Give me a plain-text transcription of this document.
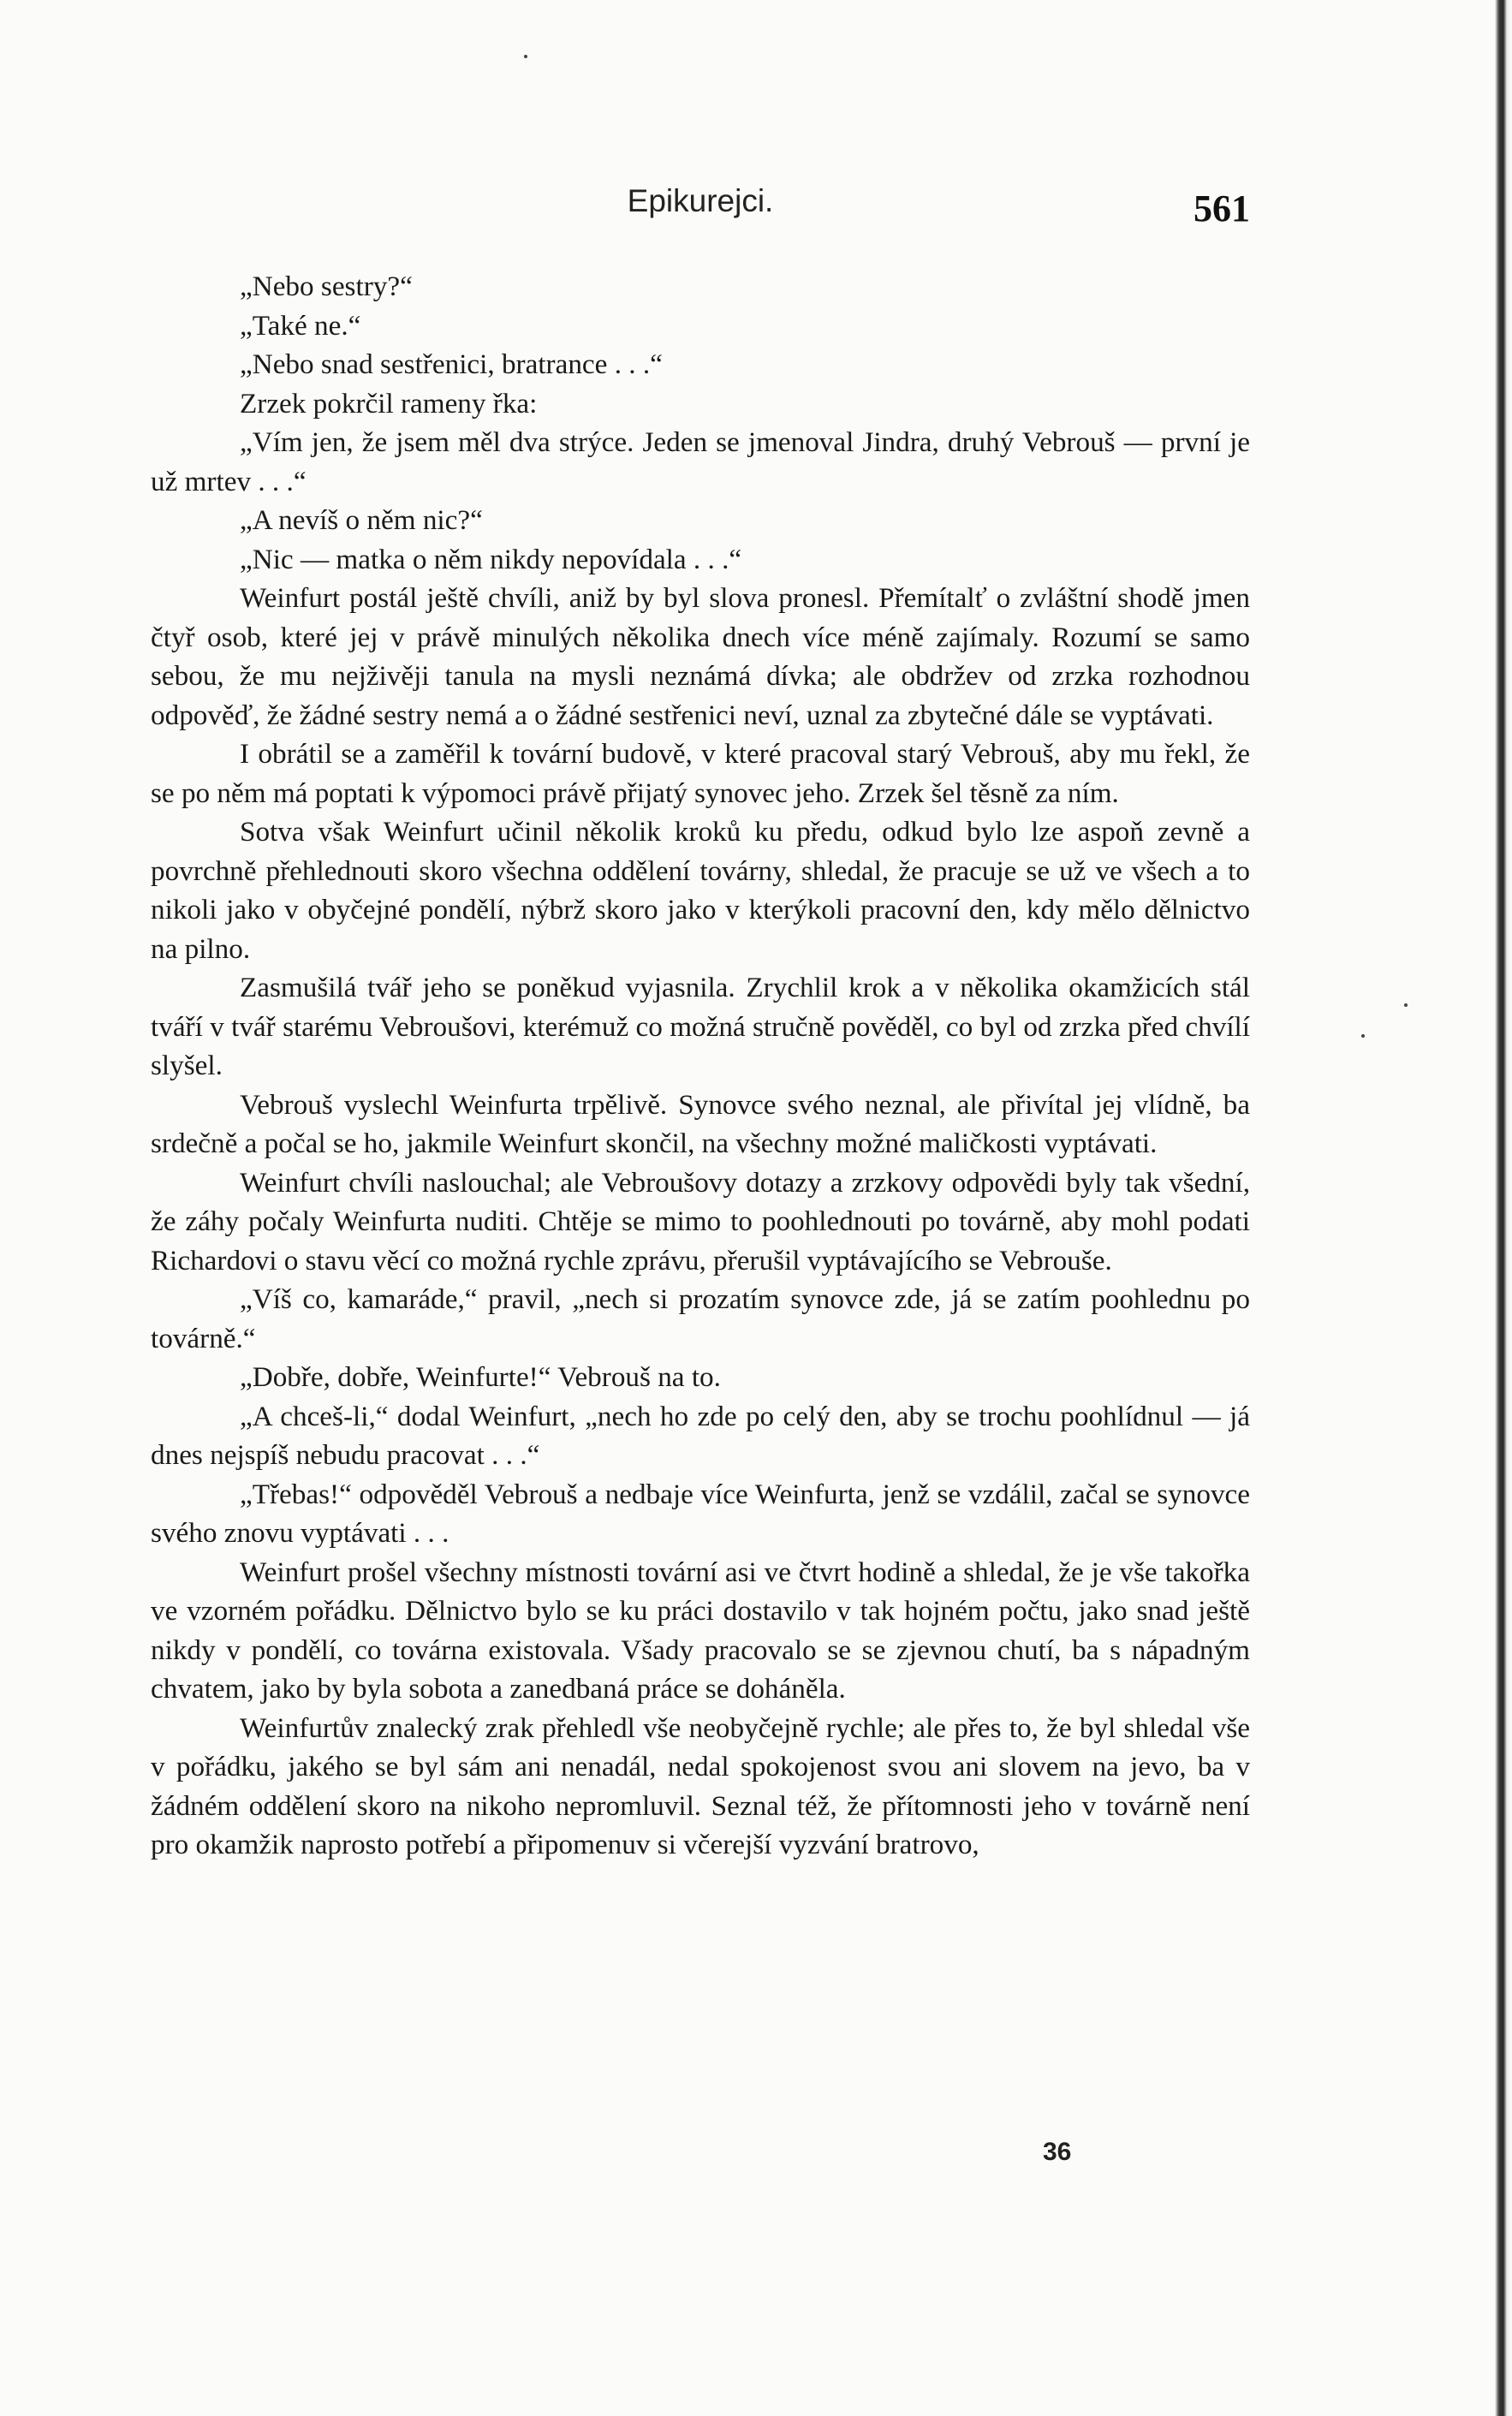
Epikurejci.	561

„Nebo sestry?“

„Také ne.“

„Nebo snad sestřenici, bratrance . . .“

Zrzek pokrčil rameny řka:

„Vím jen, že jsem měl dva strýce. Jeden se jmenoval Jindra, druhý Vebrouš — první je už mrtev . . .“

„A nevíš o něm nic?“

„Nic — matka o něm nikdy nepovídala . . .“

Weinfurt postál ještě chvíli, aniž by byl slova pronesl. Přemítalť o zvláštní shodě jmen čtyř osob, které jej v právě minulých několika dnech více méně zajímaly. Rozumí se samo sebou, že mu nejživěji tanula na mysli neznámá dívka; ale obdržev od zrzka rozhodnou odpověď, že žádné sestry nemá a o žádné sestřenici neví, uznal za zbytečné dále se vyptávati.

I obrátil se a zaměřil k tovární budově, v které pracoval starý Vebrouš, aby mu řekl, že se po něm má poptati k výpomoci právě přijatý synovec jeho. Zrzek šel těsně za ním.

Sotva však Weinfurt učinil několik kroků ku předu, odkud bylo lze aspoň zevně a povrchně přehlednouti skoro všechna oddělení továrny, shledal, že pracuje se už ve všech a to nikoli jako v obyčejné pondělí, nýbrž skoro jako v kterýkoli pracovní den, kdy mělo dělnictvo na pilno.

Zasmušilá tvář jeho se poněkud vyjasnila. Zrychlil krok a v několika okamžicích stál tváří v tvář starému Vebroušovi, kterémuž co možná stručně pověděl, co byl od zrzka před chvílí slyšel.

Vebrouš vyslechl Weinfurta trpělivě. Synovce svého neznal, ale přivítal jej vlídně, ba srdečně a počal se ho, jakmile Weinfurt skončil, na všechny možné maličkosti vyptávati.

Weinfurt chvíli naslouchal; ale Vebroušovy dotazy a zrzkovy odpovědi byly tak všední, že záhy počaly Weinfurta nuditi. Chtěje se mimo to poohlednouti po továrně, aby mohl podati Richardovi o stavu věcí co možná rychle zprávu, přerušil vyptávajícího se Vebrouše.

„Víš co, kamaráde,“ pravil, „nech si prozatím synovce zde, já se zatím poohlednu po továrně.“

„Dobře, dobře, Weinfurte!“ Vebrouš na to.

„A chceš-li,“ dodal Weinfurt, „nech ho zde po celý den, aby se trochu poohlídnul — já dnes nejspíš nebudu pracovat . . .“

„Třebas!“ odpověděl Vebrouš a nedbaje více Weinfurta, jenž se vzdálil, začal se synovce svého znovu vyptávati . . .

Weinfurt prošel všechny místnosti tovární asi ve čtvrt hodině a shledal, že je vše takořka ve vzorném pořádku. Dělnictvo bylo se ku práci dostavilo v tak hojném počtu, jako snad ještě nikdy v pondělí, co továrna existovala. Všady pracovalo se se zjevnou chutí, ba s nápadným chvatem, jako by byla sobota a zanedbaná práce se doháněla.

Weinfurtův znalecký zrak přehledl vše neobyčejně rychle; ale přes to, že byl shledal vše v pořádku, jakého se byl sám ani nenadál, nedal spokojenost svou ani slovem na jevo, ba v žádném oddělení skoro na nikoho nepromluvil. Seznal též, že přítomnosti jeho v továrně není pro okamžik naprosto potřebí a připomenuv si včerejší vyzvání bratrovo,

36
